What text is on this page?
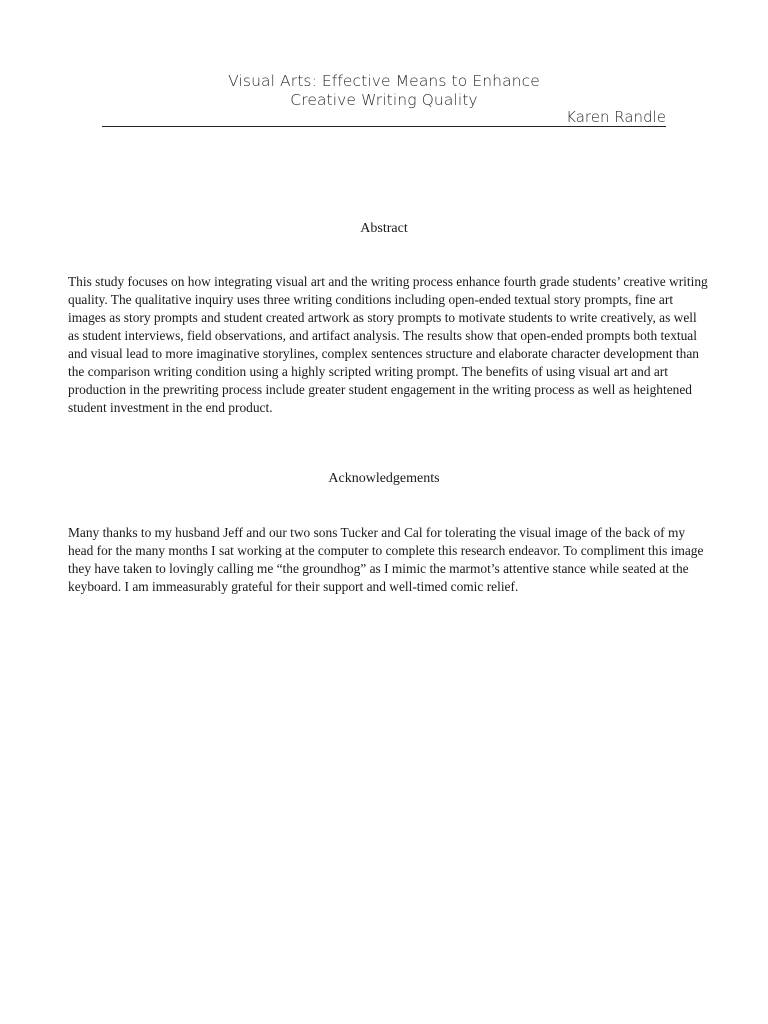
Visual Arts: Effective Means to Enhance
Creative Writing Quality
Karen Randle
Abstract

This study focuses on how integrating visual art and the writing process enhance fourth grade students’ creative writing quality. The qualitative inquiry uses three writing conditions including open-ended textual story prompts, fine art images as story prompts and student created artwork as story prompts to motivate students to write creatively, as well as student interviews, field observations, and artifact analysis. The results show that open-ended prompts both textual and visual lead to more imaginative storylines, complex sentences structure and elaborate character development than the comparison writing condition using a highly scripted writing prompt. The benefits of using visual art and art production in the prewriting process include greater student engagement in the writing process as well as heightened student investment in the end product.

Acknowledgements

Many thanks to my husband Jeff and our two sons Tucker and Cal for tolerating the visual image of the back of my head for the many months I sat working at the computer to complete this research endeavor. To compliment this image they have taken to lovingly calling me “the groundhog” as I mimic the marmot’s attentive stance while seated at the keyboard. I am immeasurably grateful for their support and well-timed comic relief.
